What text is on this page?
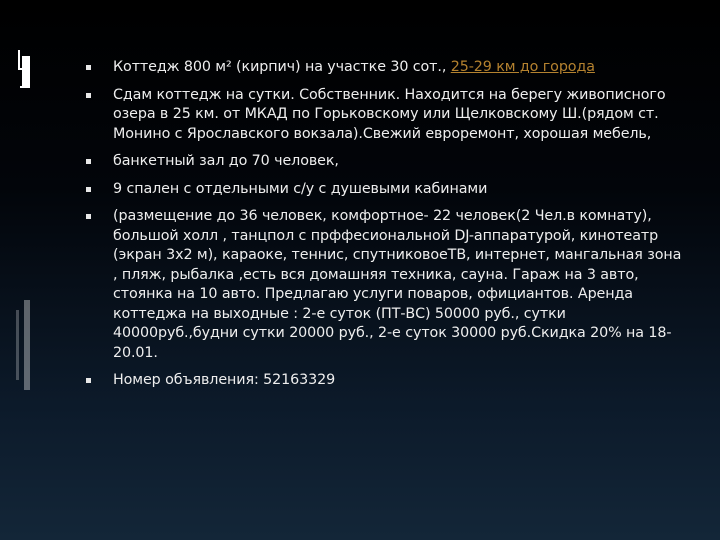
Коттедж 800 м² (кирпич) на участке 30 сот., 25-29 км до города
Сдам коттедж на сутки. Собственник. Находится на берегу живописного озера в 25 км. от МКАД по Горьковскому или Щелковскому Ш.(рядом ст. Монино с Ярославского вокзала).Свежий евроремонт, хорошая мебель,
банкетный зал до 70 человек,
9 спален с отдельными с/у с душевыми кабинами
(размещение до 36 человек, комфортное- 22 человек(2 Чел.в комнату), большой холл , танцпол с прффесиональной DJ-аппаратурой, кинотеатр (экран 3х2 м), караоке, теннис, спутниковоеТВ, интернет, мангальная зона , пляж, рыбалка ,есть вся домашняя техника, сауна. Гараж на 3 авто, стоянка на 10 авто. Предлагаю услуги поваров, официантов. Аренда коттеджа на выходные : 2-е суток (ПТ-ВС) 50000 руб., сутки 40000руб.,будни сутки 20000 руб., 2-е суток 30000 руб.Скидка 20% на 18-20.01.
Номер объявления: 52163329
